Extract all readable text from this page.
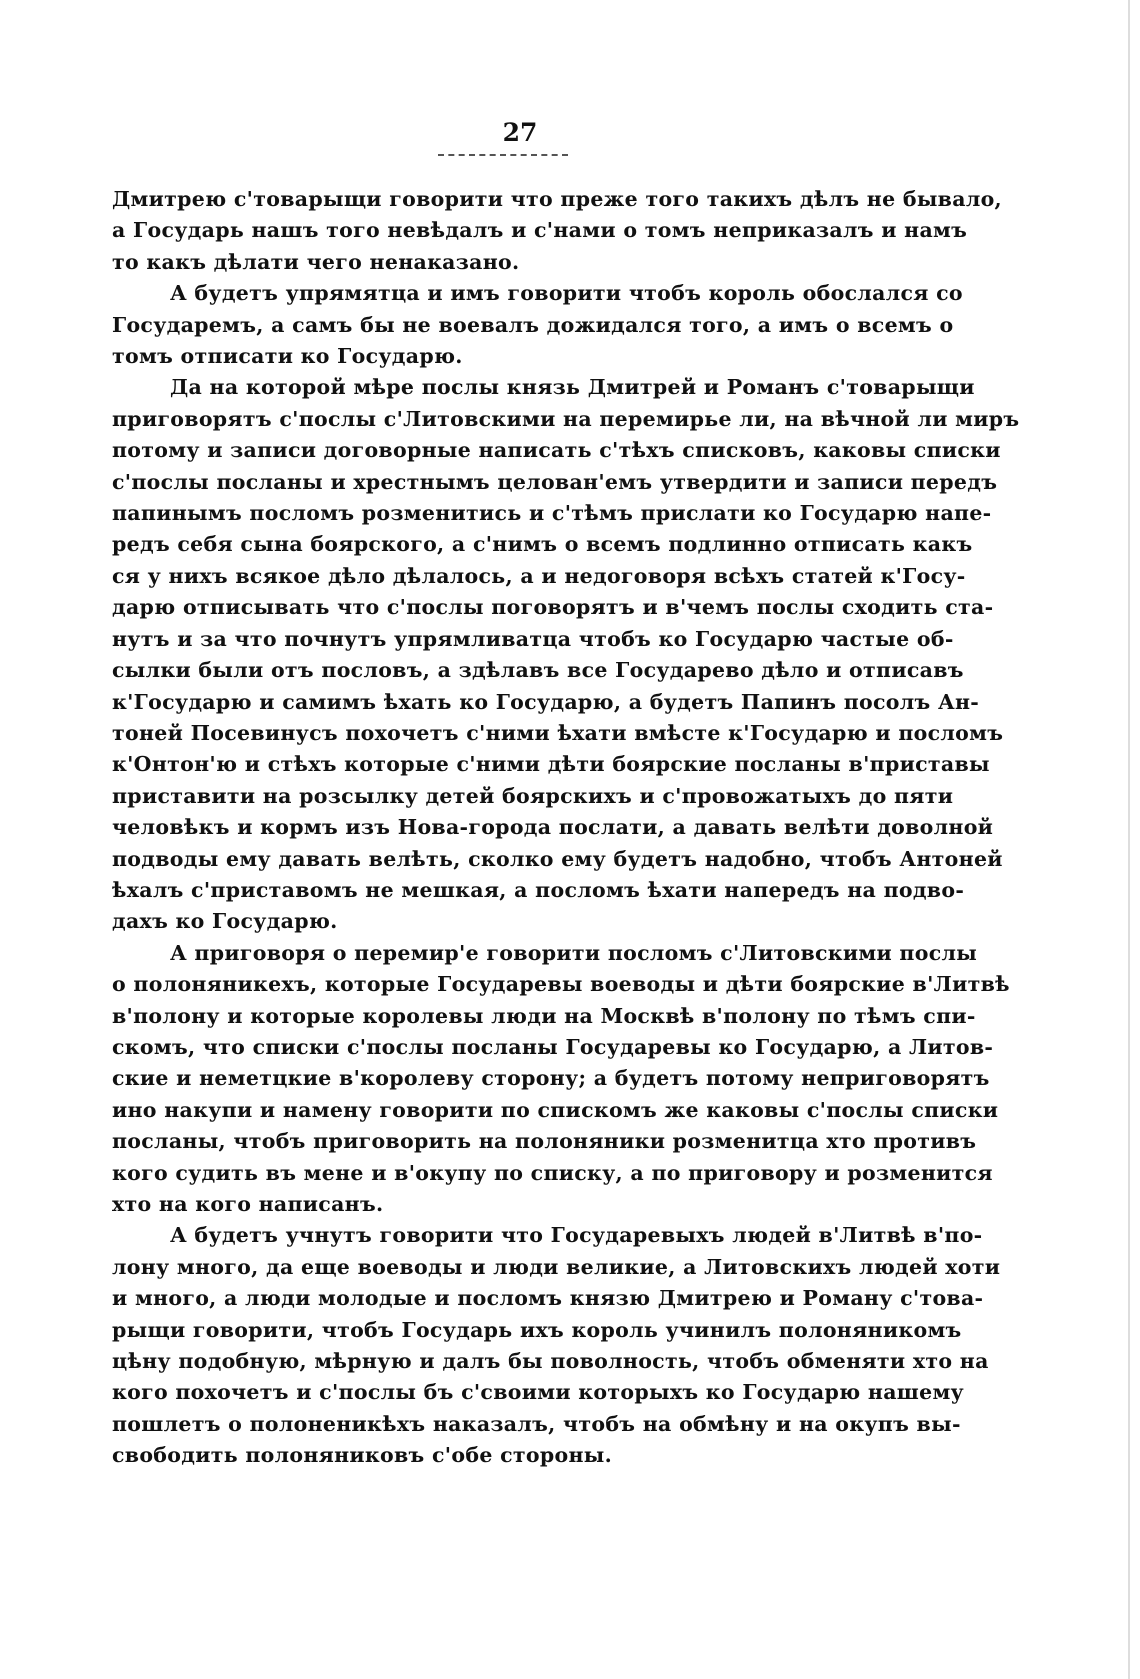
27

Дмитрею с'товарыщи говорити что преже того такихъ дѣлъ не бывало,
а Государь нашъ того невѣдалъ и с'нами о томъ неприказалъ и намъ
то какъ дѣлати чего ненаказано.

А будетъ упрямятца и имъ говорити чтобъ король обослался со
Государемъ, а самъ бы не воевалъ дожидался того, а имъ о всемъ о
томъ отписати ко Государю.

Да на которой мѣре послы князь Дмитрей и Романъ с'товарыщи
приговорятъ с'послы с'Литовскими на перемирье ли, на вѣчной ли миръ
потому и записи договорные написать с'тѣхъ списковъ, каковы списки
с'послы посланы и хрестнымъ целован'емъ утвердити и записи передъ
папинымъ посломъ розменитись и с'тѣмъ прислати ко Государю напе-
редъ себя сына боярского, а с'нимъ о всемъ подлинно отписать какъ
ся у нихъ всякое дѣло дѣлалось, а и недоговоря всѣхъ статей к'Госу-
дарю отписывать что с'послы поговорятъ и в'чемъ послы сходить ста-
нутъ и за что почнутъ упрямливатца чтобъ ко Государю частые об-
сылки были отъ пословъ, а здѣлавъ все Государево дѣло и отписавъ
к'Государю и самимъ ѣхать ко Государю, а будетъ Папинъ посолъ Ан-
тоней Посевинусъ похочетъ с'ними ѣхати вмѣсте к'Государю и посломъ
к'Онтон'ю и стѣхъ которые с'ними дѣти боярские посланы в'приставы
приставити на розсылку детей боярскихъ и с'провожатыхъ до пяти
человѣкъ и кормъ изъ Нова-города послати, а давать велѣти доволной
подводы ему давать велѣть, сколко ему будетъ надобно, чтобъ Антоней
ѣхалъ с'приставомъ не мешкая, а посломъ ѣхати напередъ на подво-
дахъ ко Государю.

А приговоря о перемир'е говорити посломъ с'Литовскими послы
о полоняникехъ, которые Государевы воеводы и дѣти боярские в'Литвѣ
в'полону и которые королевы люди на Москвѣ в'полону по тѣмъ спи-
скомъ, что списки с'послы посланы Государевы ко Государю, а Литов-
ские и неметцкие в'королеву сторону; а будетъ потому неприговорятъ
ино накупи и намену говорити по спискомъ же каковы с'послы списки
посланы, чтобъ приговорить на полоняники розменитца хто противъ
кого судить въ мене и в'окупу по списку, а по приговору и розменится
хто на кого написанъ.

А будетъ учнутъ говорити что Государевыхъ людей в'Литвѣ в'по-
лону много, да еще воеводы и люди великие, а Литовскихъ людей хоти
и много, а люди молодые и посломъ князю Дмитрею и Роману с'това-
рыщи говорити, чтобъ Государь ихъ король учинилъ полоняникомъ
цѣну подобную, мѣрную и далъ бы поволность, чтобъ обменяти хто на
кого похочетъ и с'послы бъ с'своими которыхъ ко Государю нашему
пошлетъ о полоненикѣхъ наказалъ, чтобъ на обмѣну и на окупъ вы-
свободить полоняниковъ с'обе стороны.
